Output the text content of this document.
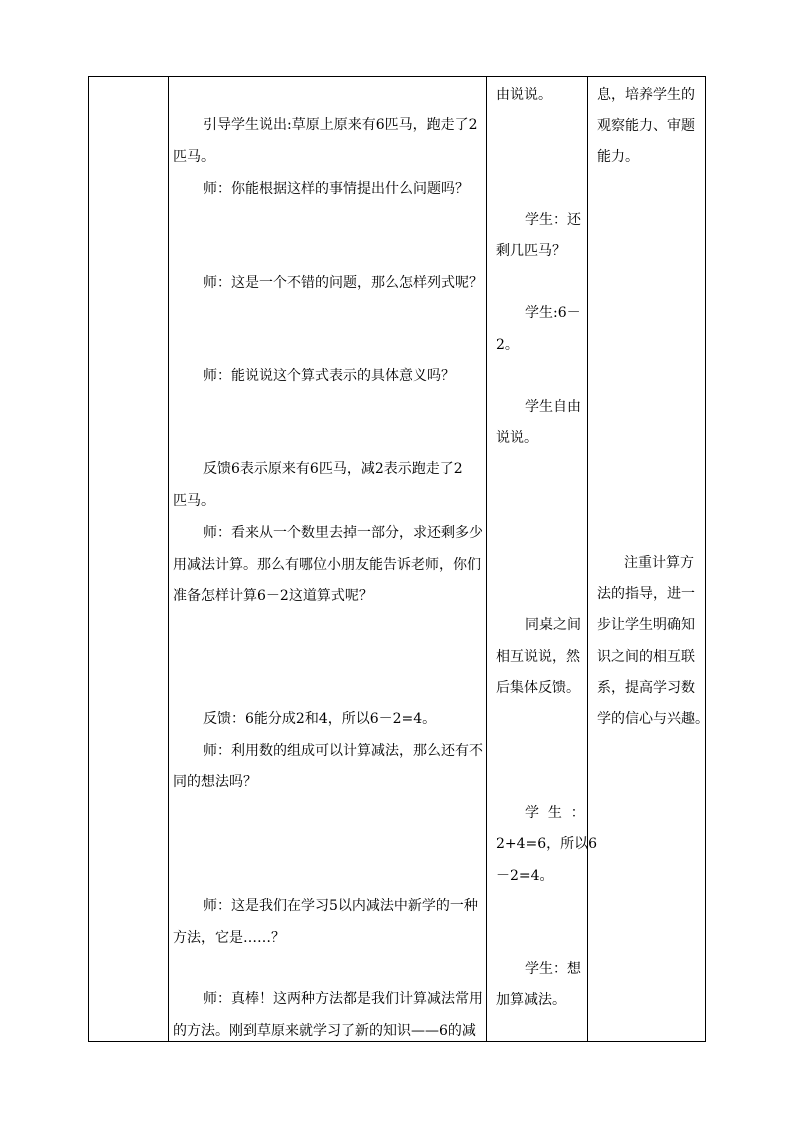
引导学生说出:草原上原来有6匹马，跑走了2
匹马。
师：你能根据这样的事情提出什么问题吗？
师：这是一个不错的问题，那么怎样列式呢？
师：能说说这个算式表示的具体意义吗？
反馈6表示原来有6匹马，减2表示跑走了2
匹马。
师：看来从一个数里去掉一部分，求还剩多少
用减法计算。那么有哪位小朋友能告诉老师，你们
准备怎样计算6－2这道算式呢？
反馈：6能分成2和4，所以6－2=4。
师：利用数的组成可以计算减法，那么还有不
同的想法吗？
师：这是我们在学习5以内减法中新学的一种
方法，它是……？
师：真棒！这两种方法都是我们计算减法常用
的方法。刚到草原来就学习了新的知识——6的减
由说说。
学生：还
剩几匹马？
学生:6－
2。
学生自由
说说。
同桌之间
相互说说，然
后集体反馈。
学  生  ：
2+4=6，所以6
－2=4。
学生：想
加算减法。
息，培养学生的
观察能力、审题
能力。
注重计算方
法的指导，进一
步让学生明确知
识之间的相互联
系，提高学习数
学的信心与兴趣。
